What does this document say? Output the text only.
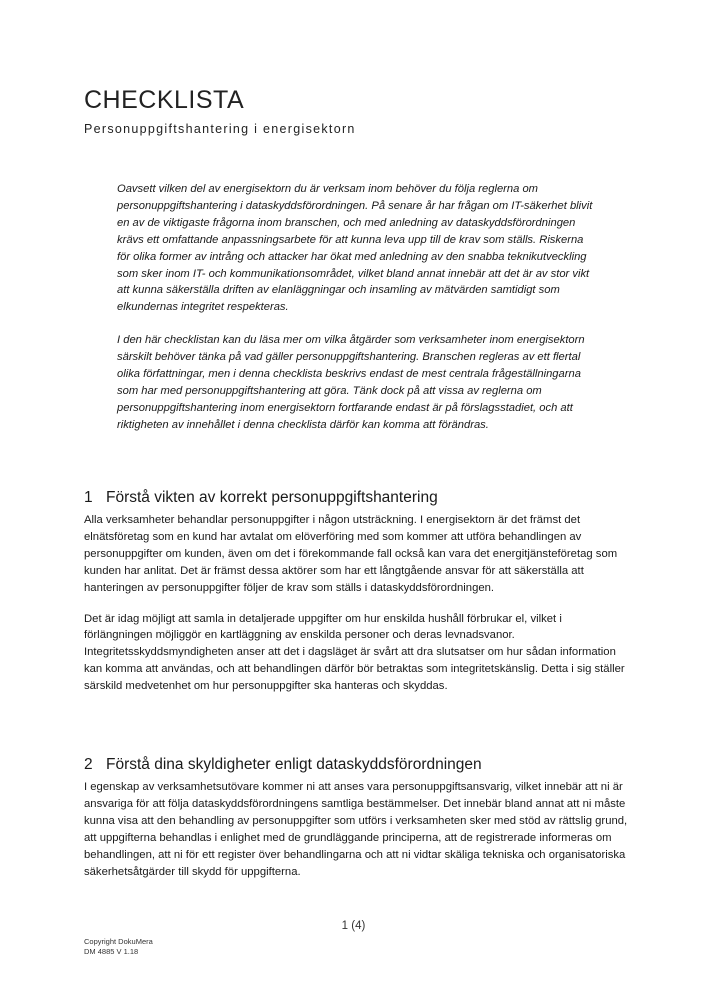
CHECKLISTA
Personuppgiftshantering i energisektorn

Oavsett vilken del av energisektorn du är verksam inom behöver du följa reglerna om personuppgiftshantering i dataskyddsförordningen. På senare år har frågan om IT-säkerhet blivit en av de viktigaste frågorna inom branschen, och med anledning av dataskyddsförordningen krävs ett omfattande anpassningsarbete för att kunna leva upp till de krav som ställs. Riskerna för olika former av intrång och attacker har ökat med anledning av den snabba teknikutveckling som sker inom IT- och kommunikationsområdet, vilket bland annat innebär att det är av stor vikt att kunna säkerställa driften av elanläggningar och insamling av mätvärden samtidigt som elkundernas integritet respekteras.

I den här checklistan kan du läsa mer om vilka åtgärder som verksamheter inom energisektorn särskilt behöver tänka på vad gäller personuppgiftshantering. Branschen regleras av ett flertal olika författningar, men i denna checklista beskrivs endast de mest centrala frågeställningarna som har med personuppgiftshantering att göra. Tänk dock på att vissa av reglerna om personuppgiftshantering inom energisektorn fortfarande endast är på förslagsstadiet, och att riktigheten av innehållet i denna checklista därför kan komma att förändras.

1 Förstå vikten av korrekt personuppgiftshantering

Alla verksamheter behandlar personuppgifter i någon utsträckning. I energisektorn är det främst det elnätsföretag som en kund har avtalat om elöverföring med som kommer att utföra behandlingen av personuppgifter om kunden, även om det i förekommande fall också kan vara det energitjänsteföretag som kunden har anlitat. Det är främst dessa aktörer som har ett långtgående ansvar för att säkerställa att hanteringen av personuppgifter följer de krav som ställs i dataskyddsförordningen.

Det är idag möjligt att samla in detaljerade uppgifter om hur enskilda hushåll förbrukar el, vilket i förlängningen möjliggör en kartläggning av enskilda personer och deras levnadsvanor. Integritetsskyddsmyndigheten anser att det i dagsläget är svårt att dra slutsatser om hur sådan information kan komma att användas, och att behandlingen därför bör betraktas som integritetskänslig. Detta i sig ställer särskild medvetenhet om hur personuppgifter ska hanteras och skyddas.

2 Förstå dina skyldigheter enligt dataskyddsförordningen

I egenskap av verksamhetsutövare kommer ni att anses vara personuppgiftsansvarig, vilket innebär att ni är ansvariga för att följa dataskyddsförordningens samtliga bestämmelser. Det innebär bland annat att ni måste kunna visa att den behandling av personuppgifter som utförs i verksamheten sker med stöd av rättslig grund, att uppgifterna behandlas i enlighet med de grundläggande principerna, att de registrerade informeras om behandlingen, att ni för ett register över behandlingarna och att ni vidtar skäliga tekniska och organisatoriska säkerhetsåtgärder till skydd för uppgifterna.

1 (4)
Copyright DokuMera
DM 4885 V 1.18
